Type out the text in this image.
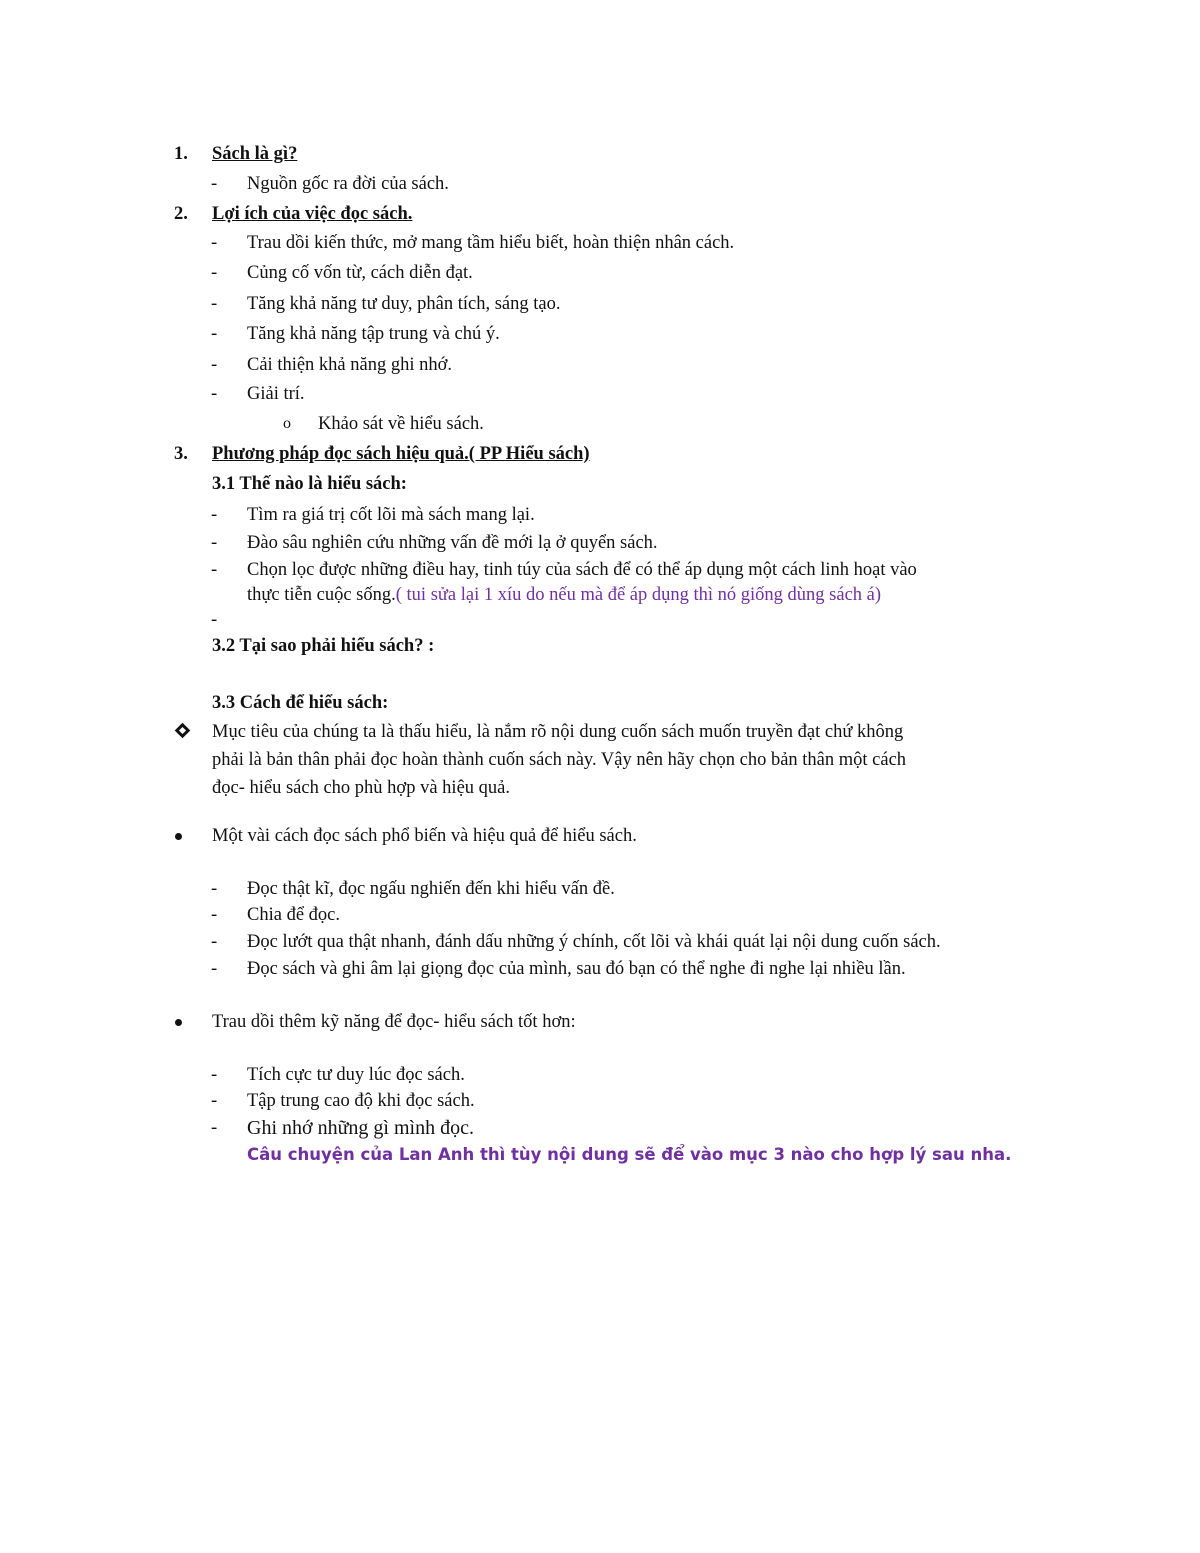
1. Sách là gì?
- Nguồn gốc ra đời của sách.
2. Lợi ích của việc đọc sách.
- Trau dồi kiến thức, mở mang tầm hiểu biết, hoàn thiện nhân cách.
- Củng cố vốn từ, cách diễn đạt.
- Tăng khả năng tư duy, phân tích, sáng tạo.
- Tăng khả năng tập trung và chú ý.
- Cải thiện khả năng ghi nhớ.
- Giải trí.
o Khảo sát về hiểu sách.
3. Phương pháp đọc sách hiệu quả.( PP Hiểu sách)
3.1 Thế nào là hiểu sách:
- Tìm ra giá trị cốt lõi mà sách mang lại.
- Đào sâu nghiên cứu những vấn đề mới lạ ở quyển sách.
- Chọn lọc được những điều hay, tinh túy của sách để có thể áp dụng một cách linh hoạt vào
thực tiễn cuộc sống.( tui sửa lại 1 xíu do nếu mà để áp dụng thì nó giống dùng sách á)
-
3.2 Tại sao phải hiểu sách? :
3.3 Cách để hiểu sách:
Mục tiêu của chúng ta là thấu hiểu, là nắm rõ nội dung cuốn sách muốn truyền đạt chứ không
phải là bản thân phải đọc hoàn thành cuốn sách này. Vậy nên hãy chọn cho bản thân một cách
đọc- hiểu sách cho phù hợp và hiệu quả.
Một vài cách đọc sách phổ biến và hiệu quả để hiểu sách.
- Đọc thật kĩ, đọc ngấu nghiến đến khi hiểu vấn đề.
- Chia để đọc.
- Đọc lướt qua thật nhanh, đánh dấu những ý chính, cốt lõi và khái quát lại nội dung cuốn sách.
- Đọc sách và ghi âm lại giọng đọc của mình, sau đó bạn có thể nghe đi nghe lại nhiều lần.
Trau dồi thêm kỹ năng để đọc- hiểu sách tốt hơn:
- Tích cực tư duy lúc đọc sách.
- Tập trung cao độ khi đọc sách.
- Ghi nhớ những gì mình đọc.
Câu chuyện của Lan Anh thì tùy nội dung sẽ để vào mục 3 nào cho hợp lý sau nha.
